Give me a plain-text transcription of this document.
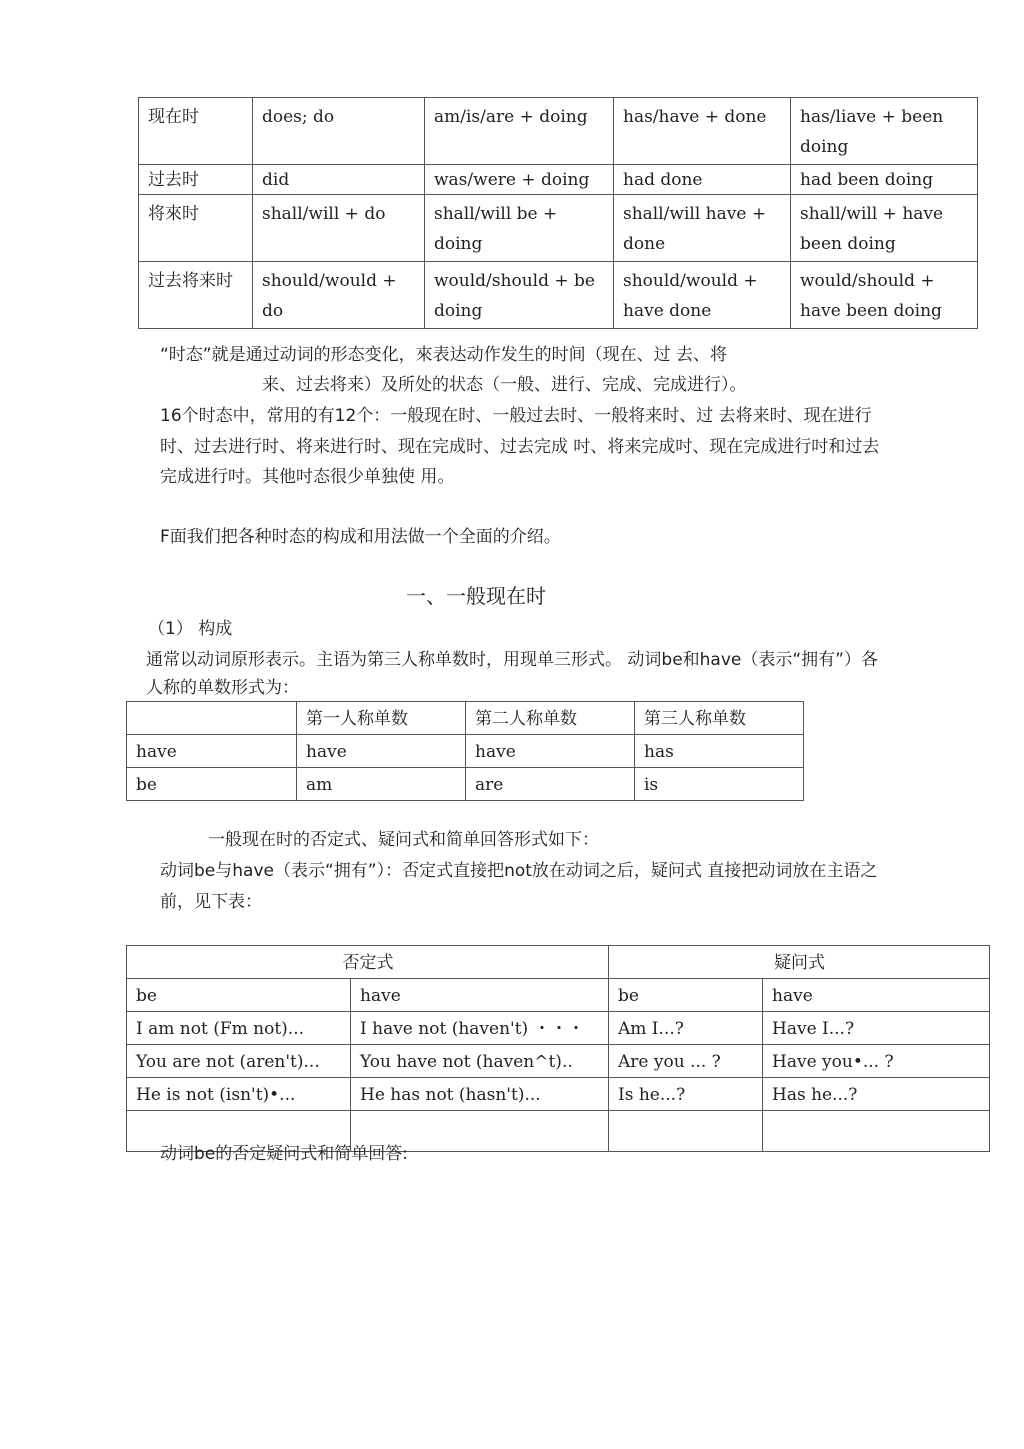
现在时	does; do	am/is/are + doing	has/have + done	has/liave + been doing
过去时	did	was/were + doing	had done	had been doing
将來时	shall/will + do	shall/will be + doing	shall/will have + done	shall/will + have been doing
过去将来时	should/would + do	would/should + be doing	should/would + have done	would/should + have been doing
“时态”就是通过动词的形态变化，來表达动作发生的时间（现在、过 去、将
来、过去将来）及所处的状态（一般、进行、完成、完成进行）。
16个时态中，常用的有12个：一般现在时、一般过去时、一般将来时、过 去将来时、现在进行
时、过去进行时、将来进行时、现在完成时、过去完成 吋、将来完成吋、现在完成进行吋和过去
完成进行吋。其他吋态很少单独使 用。
F面我们把各种时态的构成和用法做一个全面的介绍。
一、一般现在时
（1） 构成
通常以动词原形表示。主语为第三人称单数时，用现单三形式。 动词be和have（表示“拥有”）各
人称的单数形式为：
	第一人称单数	第二人称单数	第三人称单数
have	have	have	has
be	am	are	is
一般现在时的否定式、疑问式和简单回答形式如下：
动词be与have（表示“拥有”）：否定式直接把not放在动词之后，疑问式 直接把动词放在主语之
前，见下表：
否定式		疑问式	
be	have	be	have
I am not (Fm not)...	I have not (haven't) ・・・	Am I...?	Have I...?
You are not (aren't)...	You have not (haven^t)..	Are you ... ?	Have you•... ?
He is not (isn't)•...	He has not (hasn't)...	Is he...?	Has he...?

动词be的否定疑问式和简单回答:
